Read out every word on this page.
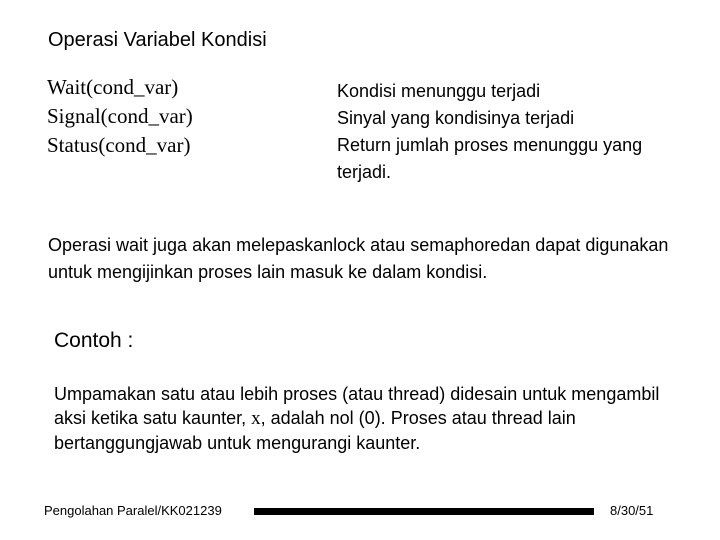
Operasi Variabel Kondisi
Wait(cond_var)
Signal(cond_var)
Status(cond_var)
Kondisi menunggu terjadi
Sinyal yang kondisinya terjadi
Return jumlah proses menunggu yang terjadi.
Operasi wait juga akan melepaskanlock atau semaphoredan dapat digunakan untuk mengijinkan proses lain masuk ke dalam kondisi.
Contoh :
Umpamakan satu atau lebih proses (atau thread) didesain untuk mengambil aksi ketika satu kaunter, x, adalah nol (0). Proses atau thread lain bertanggungjawab untuk mengurangi kaunter.
Pengolahan Paralel/KK021239	8/30/51
